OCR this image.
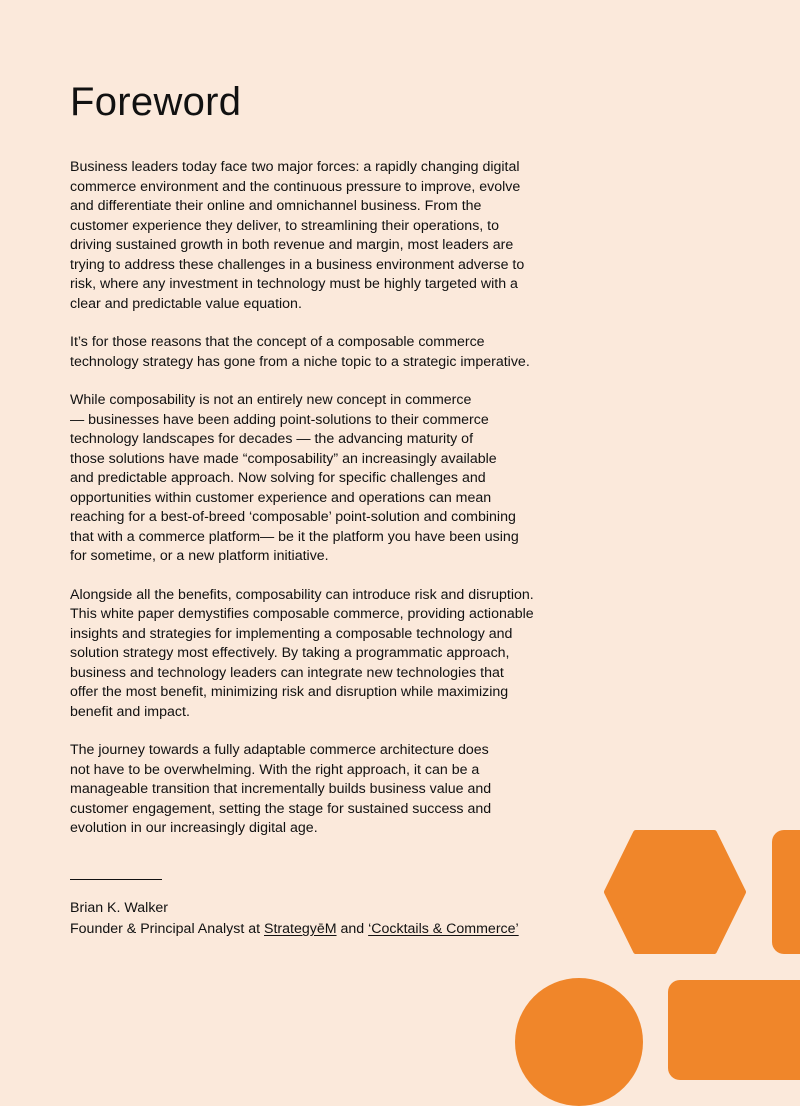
Foreword

Business leaders today face two major forces: a rapidly changing digital
commerce environment and the continuous pressure to improve, evolve
and differentiate their online and omnichannel business. From the
customer experience they deliver, to streamlining their operations, to
driving sustained growth in both revenue and margin, most leaders are
trying to address these challenges in a business environment adverse to
risk, where any investment in technology must be highly targeted with a
clear and predictable value equation.

It’s for those reasons that the concept of a composable commerce
technology strategy has gone from a niche topic to a strategic imperative.

While composability is not an entirely new concept in commerce
— businesses have been adding point-solutions to their commerce
technology landscapes for decades — the advancing maturity of
those solutions have made “composability” an increasingly available
and predictable approach. Now solving for specific challenges and
opportunities within customer experience and operations can mean
reaching for a best-of-breed ‘composable’ point-solution and combining
that with a commerce platform— be it the platform you have been using
for sometime, or a new platform initiative.

Alongside all the benefits, composability can introduce risk and disruption.
This white paper demystifies composable commerce, providing actionable
insights and strategies for implementing a composable technology and
solution strategy most effectively. By taking a programmatic approach,
business and technology leaders can integrate new technologies that
offer the most benefit, minimizing risk and disruption while maximizing
benefit and impact.

The journey towards a fully adaptable commerce architecture does
not have to be overwhelming. With the right approach, it can be a
manageable transition that incrementally builds business value and
customer engagement, setting the stage for sustained success and
evolution in our increasingly digital age.

Brian K. Walker
Founder & Principal Analyst at StrategyēM and ‘Cocktails & Commerce’
